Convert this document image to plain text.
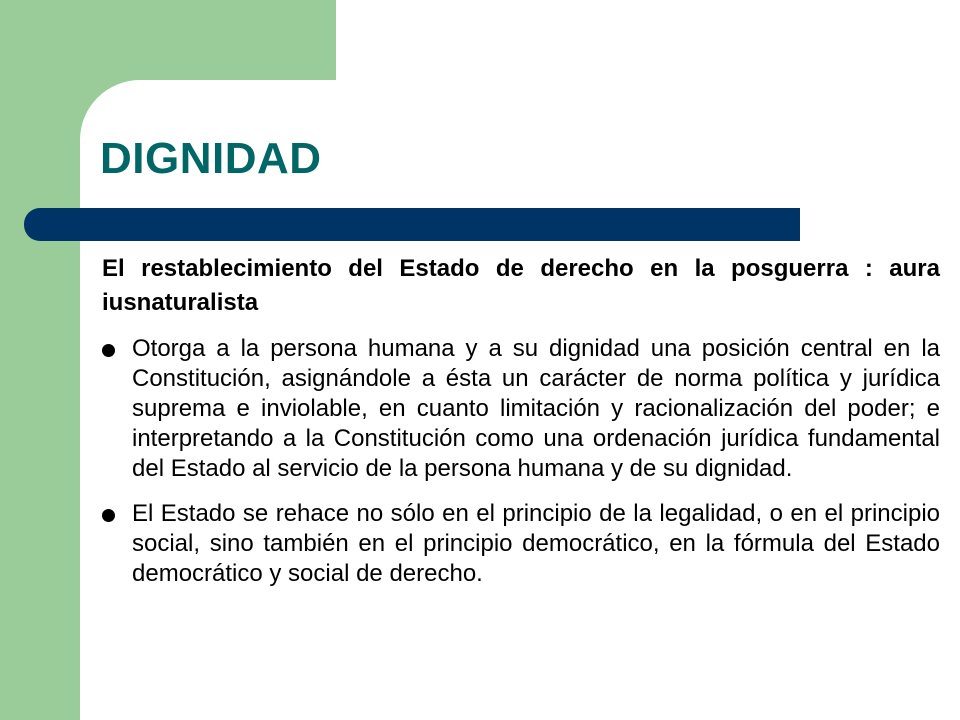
DIGNIDAD

El restablecimiento del Estado de derecho en la posguerra : aura iusnaturalista

Otorga a la persona humana y a su dignidad una posición central en la Constitución, asignándole a ésta un carácter de norma política y jurídica suprema e inviolable, en cuanto limitación y racionalización del poder; e interpretando a la Constitución como una ordenación jurídica fundamental del Estado al servicio de la persona humana y de su dignidad.
El Estado se rehace no sólo en el principio de la legalidad, o en el principio social, sino también en el principio democrático, en la fórmula del Estado democrático y social de derecho.
